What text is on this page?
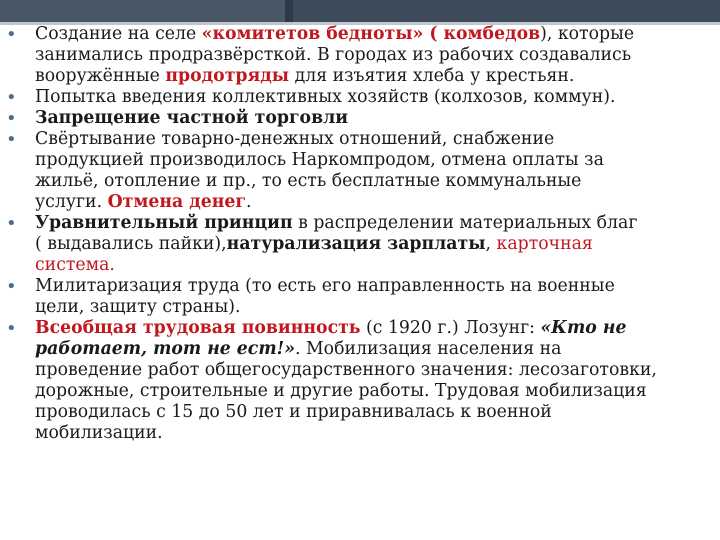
• Создание на селе «комитетов бедноты» ( комбедов), которые
занимались продразвёрсткой. В городах из рабочих создавались
вооружённые продотряды для изъятия хлеба у крестьян.
• Попытка введения коллективных хозяйств (колхозов, коммун).
• Запрещение частной торговли
• Свёртывание товарно-денежных отношений, снабжение
продукцией производилось Наркомпродом, отмена оплаты за
жильё, отопление и пр., то есть бесплатные коммунальные
услуги. Отмена денег.
• Уравнительный принцип в распределении материальных благ
( выдавались пайки),натурализация зарплаты, карточная
система.
• Милитаризация труда (то есть его направленность на военные
цели, защиту страны).
• Всеобщая трудовая повинность (с 1920 г.) Лозунг: «Кто не
работает, тот не ест!». Мобилизация населения на
проведение работ общегосударственного значения: лесозаготовки,
дорожные, строительные и другие работы. Трудовая мобилизация
проводилась с 15 до 50 лет и приравнивалась к военной
мобилизации.
